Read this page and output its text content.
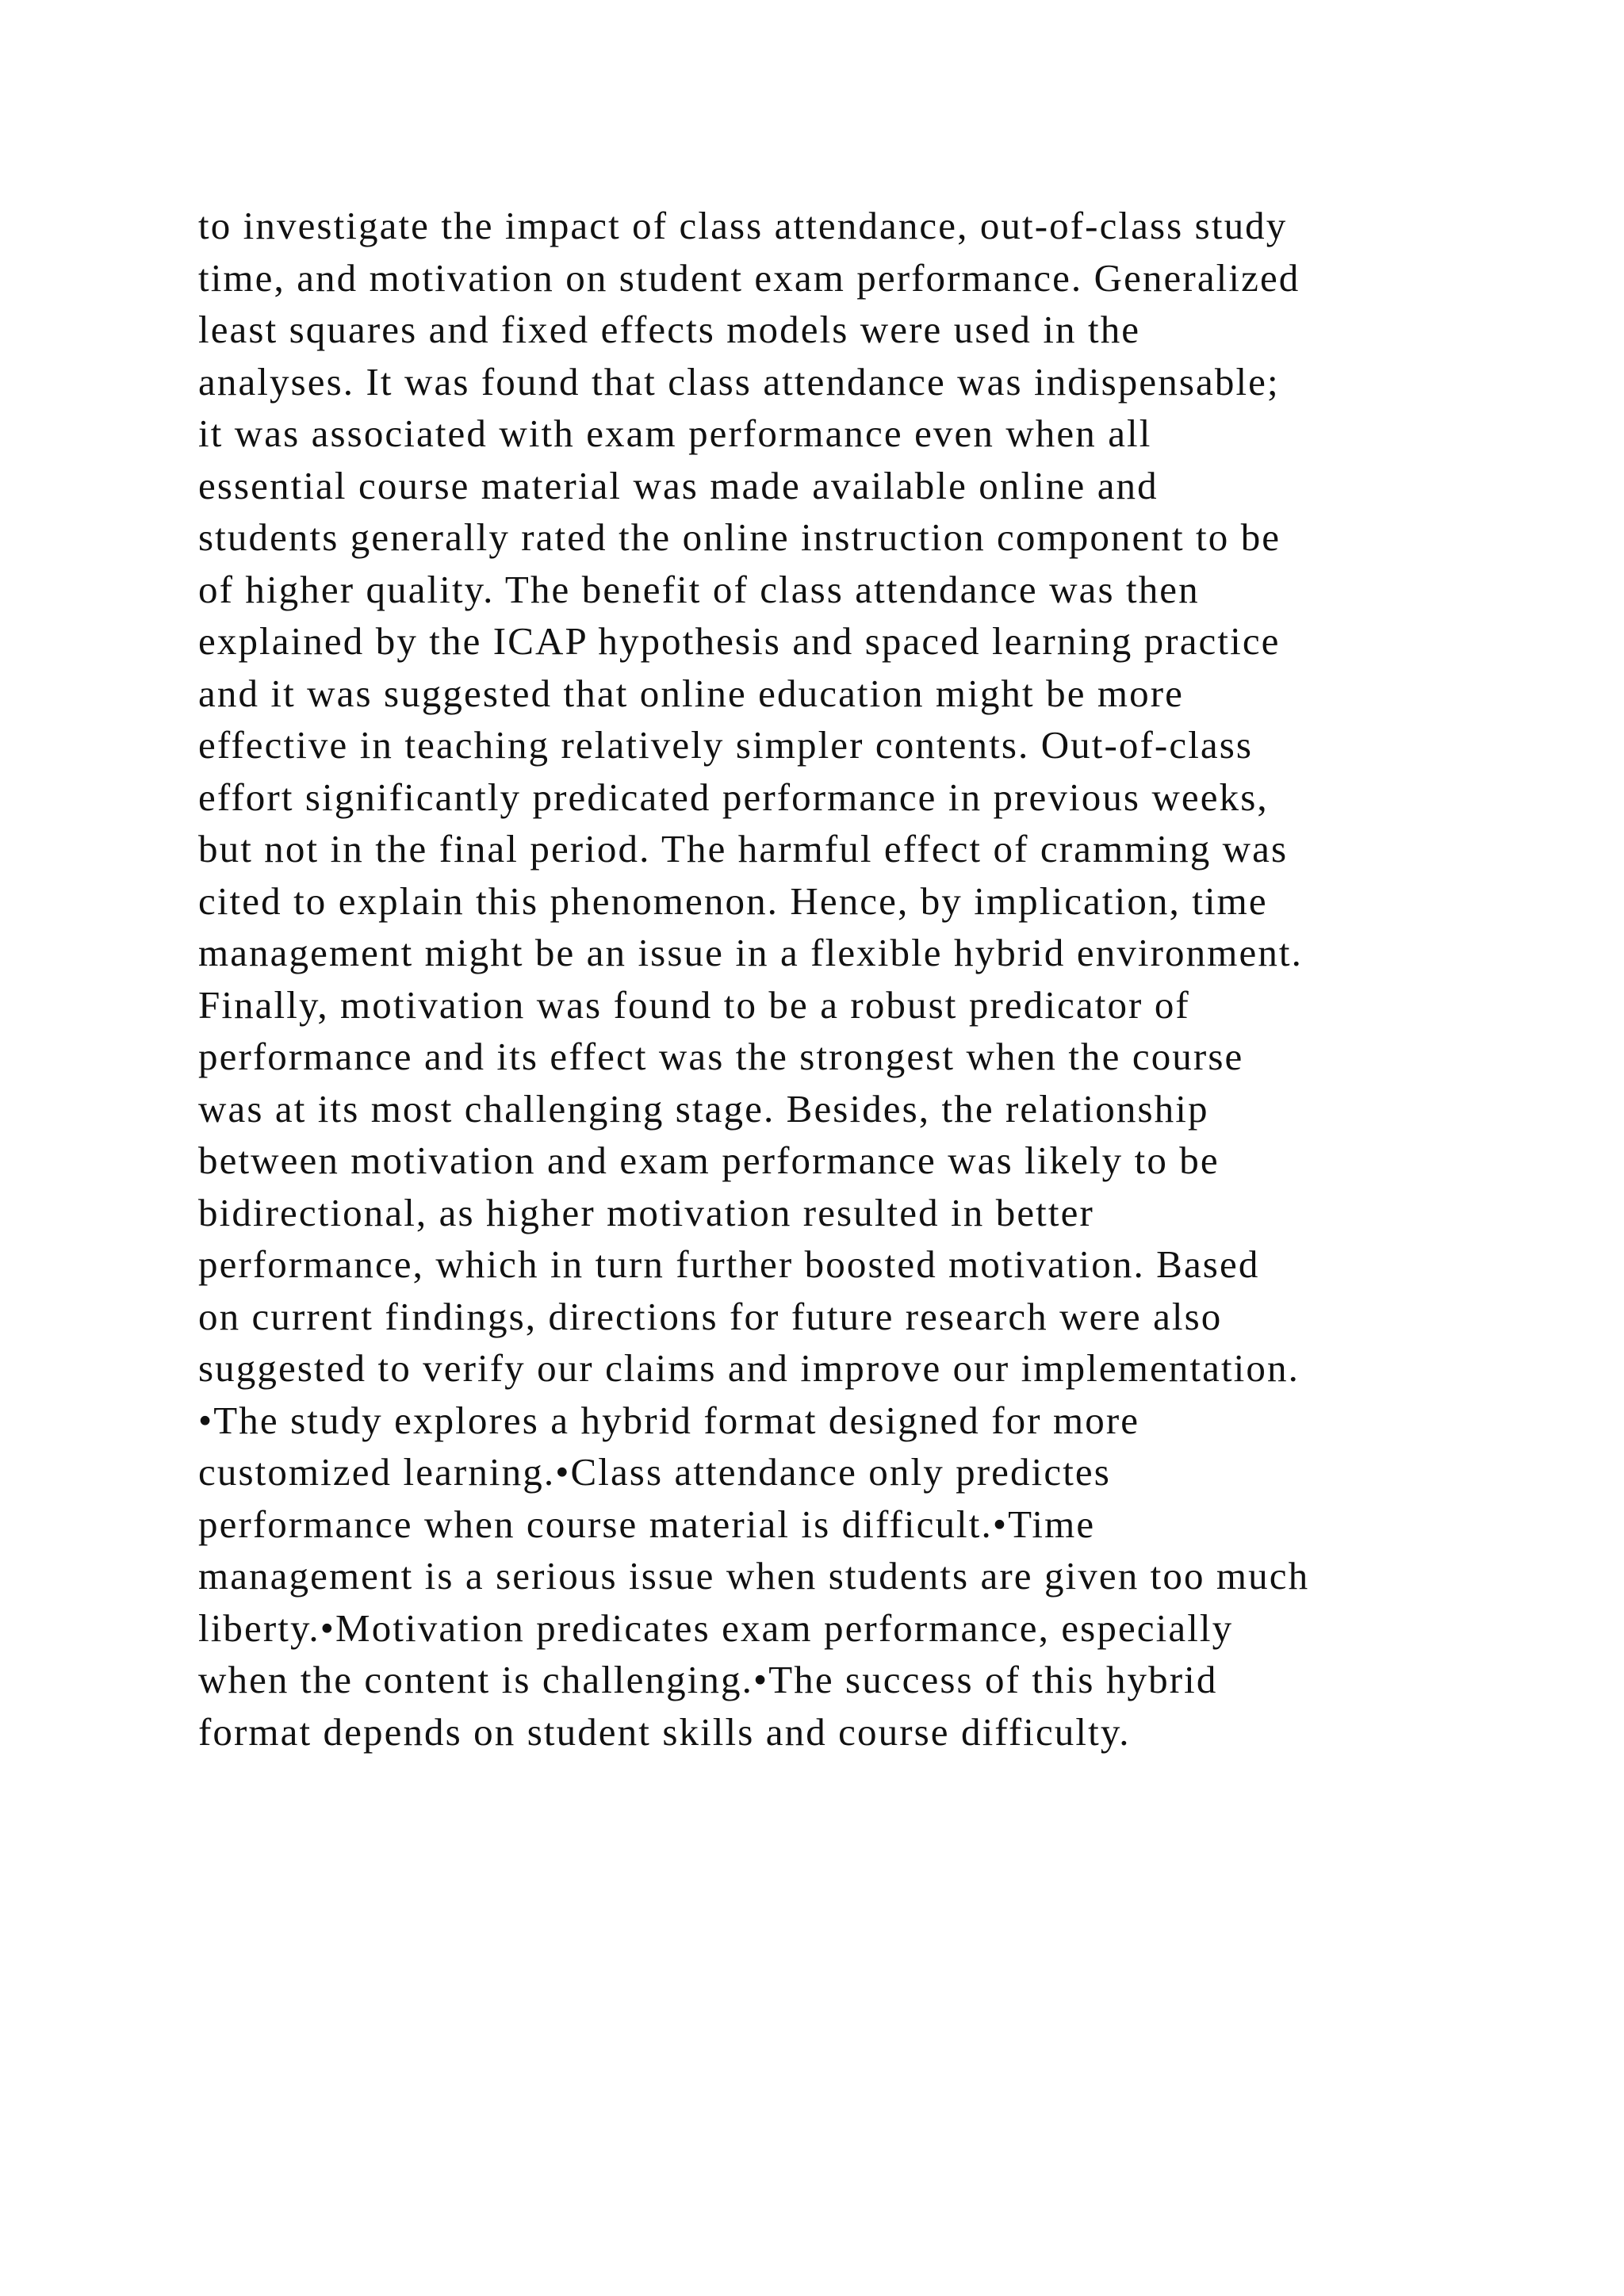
to investigate the impact of class attendance, out-of-class study
time, and motivation on student exam performance. Generalized
least squares and fixed effects models were used in the
analyses. It was found that class attendance was indispensable;
it was associated with exam performance even when all
essential course material was made available online and
students generally rated the online instruction component to be
of higher quality. The benefit of class attendance was then
explained by the ICAP hypothesis and spaced learning practice
and it was suggested that online education might be more
effective in teaching relatively simpler contents. Out-of-class
effort significantly predicated performance in previous weeks,
but not in the final period. The harmful effect of cramming was
cited to explain this phenomenon. Hence, by implication, time
management might be an issue in a flexible hybrid environment.
Finally, motivation was found to be a robust predicator of
performance and its effect was the strongest when the course
was at its most challenging stage. Besides, the relationship
between motivation and exam performance was likely to be
bidirectional, as higher motivation resulted in better
performance, which in turn further boosted motivation. Based
on current findings, directions for future research were also
suggested to verify our claims and improve our implementation.
•The study explores a hybrid format designed for more
customized learning.•Class attendance only predictes
performance when course material is difficult.•Time
management is a serious issue when students are given too much
liberty.•Motivation predicates exam performance, especially
when the content is challenging.•The success of this hybrid
format depends on student skills and course difficulty.
